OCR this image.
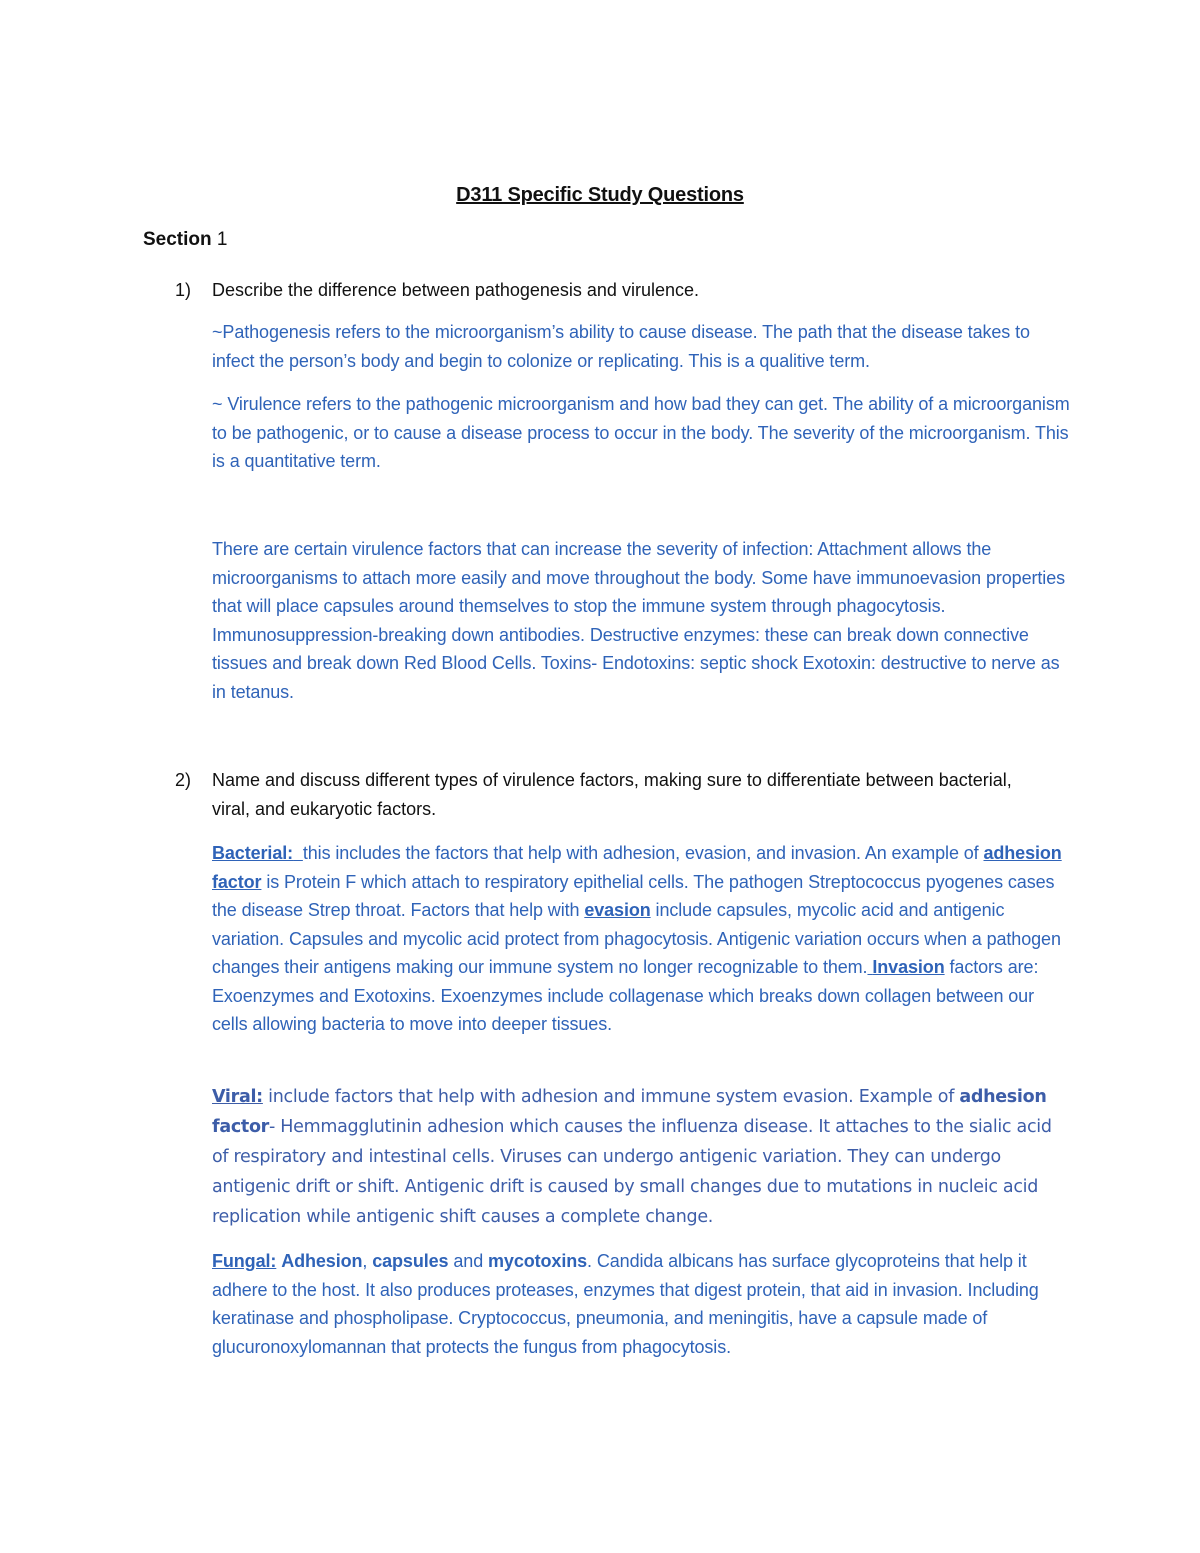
D311 Specific Study Questions
Section 1
1) Describe the difference between pathogenesis and virulence.
~Pathogenesis refers to the microorganism’s ability to cause disease. The path that the disease takes to infect the person’s body and begin to colonize or replicating. This is a qualitive term.
~ Virulence refers to the pathogenic microorganism and how bad they can get. The ability of a microorganism to be pathogenic, or to cause a disease process to occur in the body. The severity of the microorganism. This is a quantitative term.
There are certain virulence factors that can increase the severity of infection: Attachment allows the microorganisms to attach more easily and move throughout the body. Some have immunoevasion properties that will place capsules around themselves to stop the immune system through phagocytosis. Immunosuppression-breaking down antibodies. Destructive enzymes: these can break down connective tissues and break down Red Blood Cells. Toxins- Endotoxins: septic shock Exotoxin: destructive to nerve as in tetanus.
2) Name and discuss different types of virulence factors, making sure to differentiate between bacterial, viral, and eukaryotic factors.
Bacterial: this includes the factors that help with adhesion, evasion, and invasion. An example of adhesion factor is Protein F which attach to respiratory epithelial cells. The pathogen Streptococcus pyogenes cases the disease Strep throat. Factors that help with evasion include capsules, mycolic acid and antigenic variation. Capsules and mycolic acid protect from phagocytosis. Antigenic variation occurs when a pathogen changes their antigens making our immune system no longer recognizable to them. Invasion factors are: Exoenzymes and Exotoxins. Exoenzymes include collagenase which breaks down collagen between our cells allowing bacteria to move into deeper tissues.
Viral: include factors that help with adhesion and immune system evasion. Example of adhesion factor- Hemmagglutinin adhesion which causes the influenza disease. It attaches to the sialic acid of respiratory and intestinal cells. Viruses can undergo antigenic variation. They can undergo antigenic drift or shift. Antigenic drift is caused by small changes due to mutations in nucleic acid replication while antigenic shift causes a complete change.
Fungal: Adhesion, capsules and mycotoxins. Candida albicans has surface glycoproteins that help it adhere to the host. It also produces proteases, enzymes that digest protein, that aid in invasion. Including keratinase and phospholipase. Cryptococcus, pneumonia, and meningitis, have a capsule made of glucuronoxylomannan that protects the fungus from phagocytosis.
